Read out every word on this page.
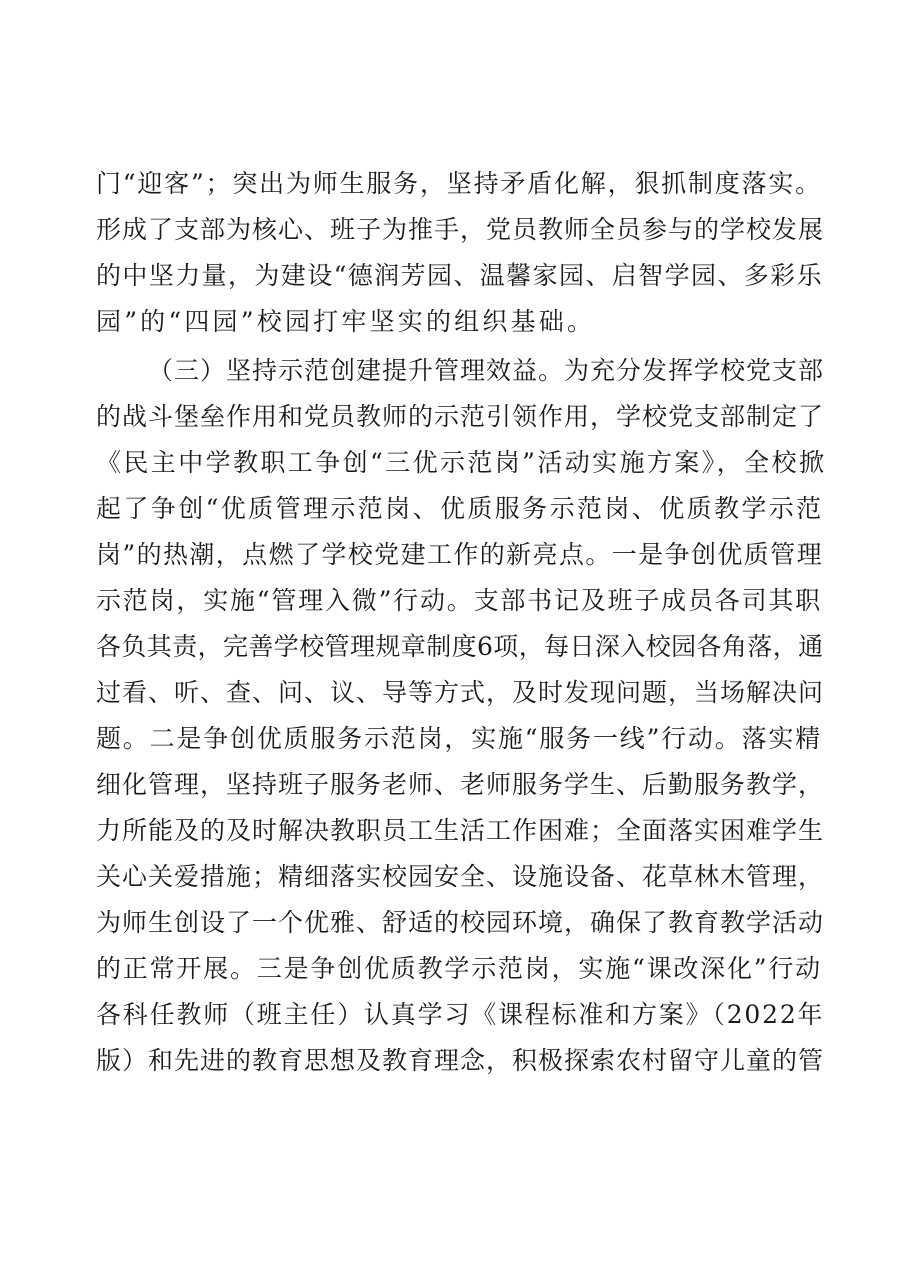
门“迎客”；突出为师生服务，坚持矛盾化解，狠抓制度落实。
形成了支部为核心、班子为推手，党员教师全员参与的学校发展
的中坚力量，为建设“德润芳园、温馨家园、启智学园、多彩乐
园”的“四园”校园打牢坚实的组织基础。
（三）坚持示范创建提升管理效益。为充分发挥学校党支部
的战斗堡垒作用和党员教师的示范引领作用，学校党支部制定了
《民主中学教职工争创“三优示范岗”活动实施方案》，全校掀
起了争创“优质管理示范岗、优质服务示范岗、优质教学示范
岗”的热潮，点燃了学校党建工作的新亮点。一是争创优质管理
示范岗，实施“管理入微”行动。支部书记及班子成员各司其职
各负其责，完善学校管理规章制度6项，每日深入校园各角落，通
过看、听、查、问、议、导等方式，及时发现问题，当场解决问
题。二是争创优质服务示范岗，实施“服务一线”行动。落实精
细化管理，坚持班子服务老师、老师服务学生、后勤服务教学，
力所能及的及时解决教职员工生活工作困难；全面落实困难学生
关心关爱措施；精细落实校园安全、设施设备、花草林木管理，
为师生创设了一个优雅、舒适的校园环境，确保了教育教学活动
的正常开展。三是争创优质教学示范岗，实施“课改深化”行动
各科任教师（班主任）认真学习《课程标准和方案》（2022年
版）和先进的教育思想及教育理念，积极探索农村留守儿童的管
